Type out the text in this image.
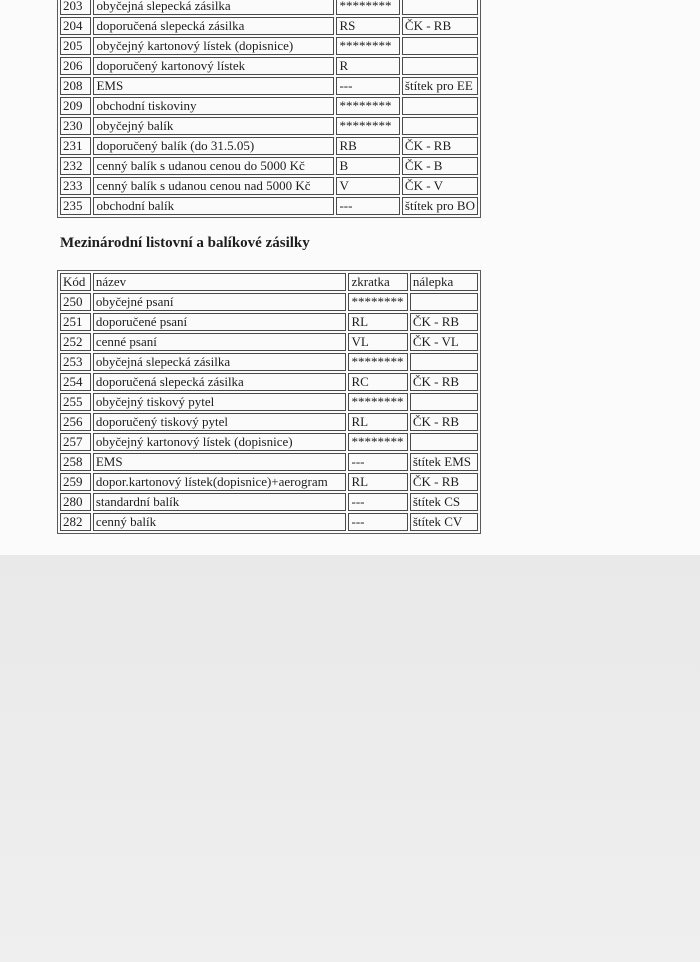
203	obyčejná slepecká zásilka	********	
204	doporučená slepecká zásilka	RS	ČK - RB
205	obyčejný kartonový lístek (dopisnice)	********	
206	doporučený kartonový lístek	R	
208	EMS	---	štítek pro EE
209	obchodní tiskoviny	********	
230	obyčejný balík	********	
231	doporučený balík (do 31.5.05)	RB	ČK - RB
232	cenný balík s udanou cenou do 5000 Kč	B	ČK - B
233	cenný balík s udanou cenou nad 5000 Kč	V	ČK - V
235	obchodní balík	---	štítek pro BO
Mezinárodní listovní a balíkové zásilky
Kód	název	zkratka	nálepka
250	obyčejné psaní	********	
251	doporučené psaní	RL	ČK - RB
252	cenné psaní	VL	ČK - VL
253	obyčejná slepecká zásilka	********	
254	doporučená slepecká zásilka	RC	ČK - RB
255	obyčejný tiskový pytel	********	
256	doporučený tiskový pytel	RL	ČK - RB
257	obyčejný kartonový lístek (dopisnice)	********	
258	EMS	---	štítek EMS
259	dopor.kartonový lístek(dopisnice)+aerogram	RL	ČK - RB
280	standardní balík	---	štítek CS
282	cenný balík	---	štítek CV
